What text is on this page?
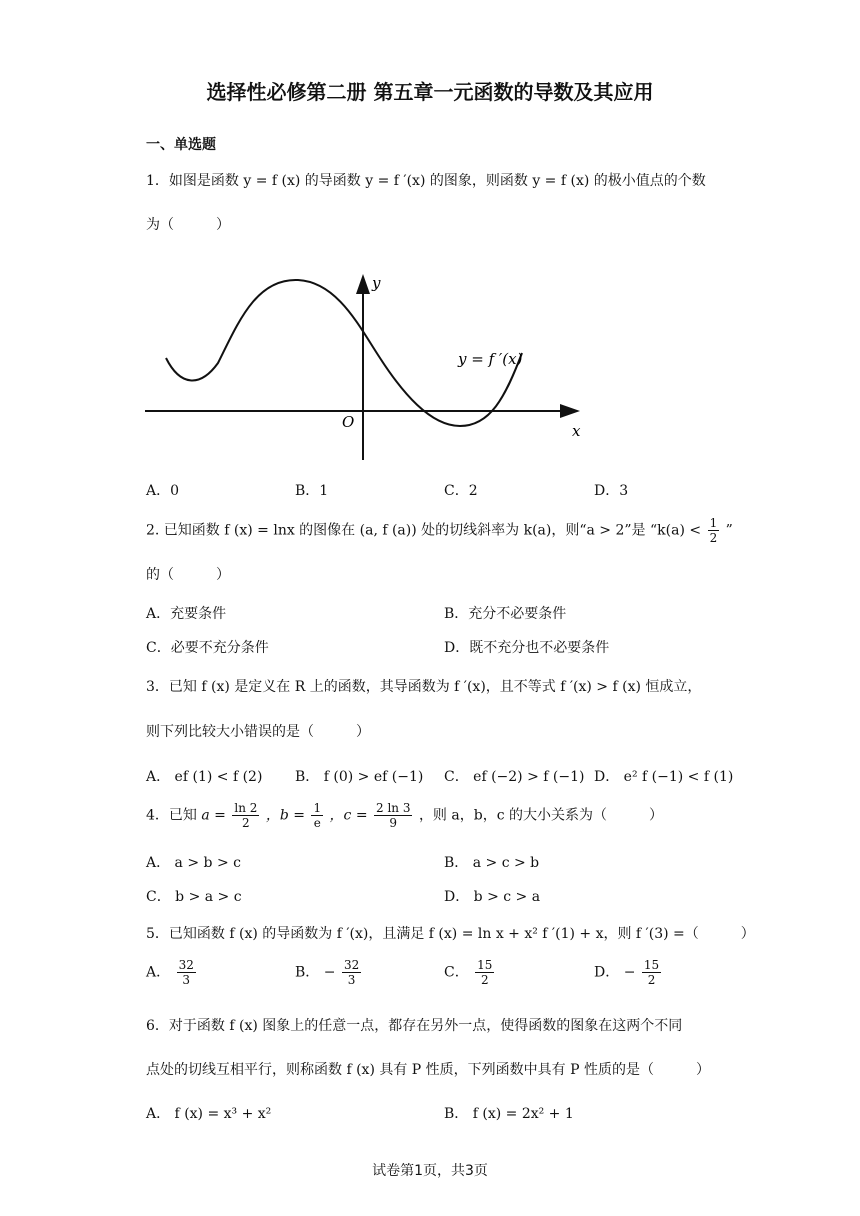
选择性必修第二册 第五章一元函数的导数及其应用
一、单选题
1．如图是函数 y = f (x) 的导函数 y = f ′(x) 的图象，则函数 y = f (x) 的极小值点的个数
为（　　　）
y
x
O
y = f ′(x)
A．0	B．1	C．2	D．3
2. 已知函数 f (x) = lnx 的图像在 (a, f (a)) 处的切线斜率为 k(a)，则“a > 2”是 “$k(a) < \frac{1}{2}$ ”
的（　　　）
A．充要条件	B．充分不必要条件
C．必要不充分条件	D．既不充分也不必要条件
3．已知 f (x) 是定义在 R 上的函数，其导函数为 f ′(x)，且不等式 f ′(x) > f (x) 恒成立，
则下列比较大小错误的是（　　　）
A． ef (1) < f (2) B． f (0) > ef (−1) C． ef (−2) > f (−1) D． e² f (−1) < f (1)
4．已知 $a = \frac{\ln 2}{2}$ ，$b = \frac{1}{e}$ ，$c = \frac{2 \ln 3}{9}$ ，则 a，b，c 的大小关系为（　　　）
A． a > b > c	B． a > c > b
C． b > a > c	D． b > c > a
5．已知函数 f (x) 的导函数为 f ′(x)，且满足 f (x) = ln x + x² f ′(1) + x，则 f ′(3) =（　　　）
A． $\frac{32}{3}$	B． − $\frac{32}{3}$	C． $\frac{15}{2}$	D． − $\frac{15}{2}$
6．对于函数 f (x) 图象上的任意一点，都存在另外一点，使得函数的图象在这两个不同
点处的切线互相平行，则称函数 f (x) 具有 P 性质，下列函数中具有 P 性质的是（　　　）
A． f (x) = x³ + x²	B． f (x) = 2x² + 1
试卷第1页，共3页
